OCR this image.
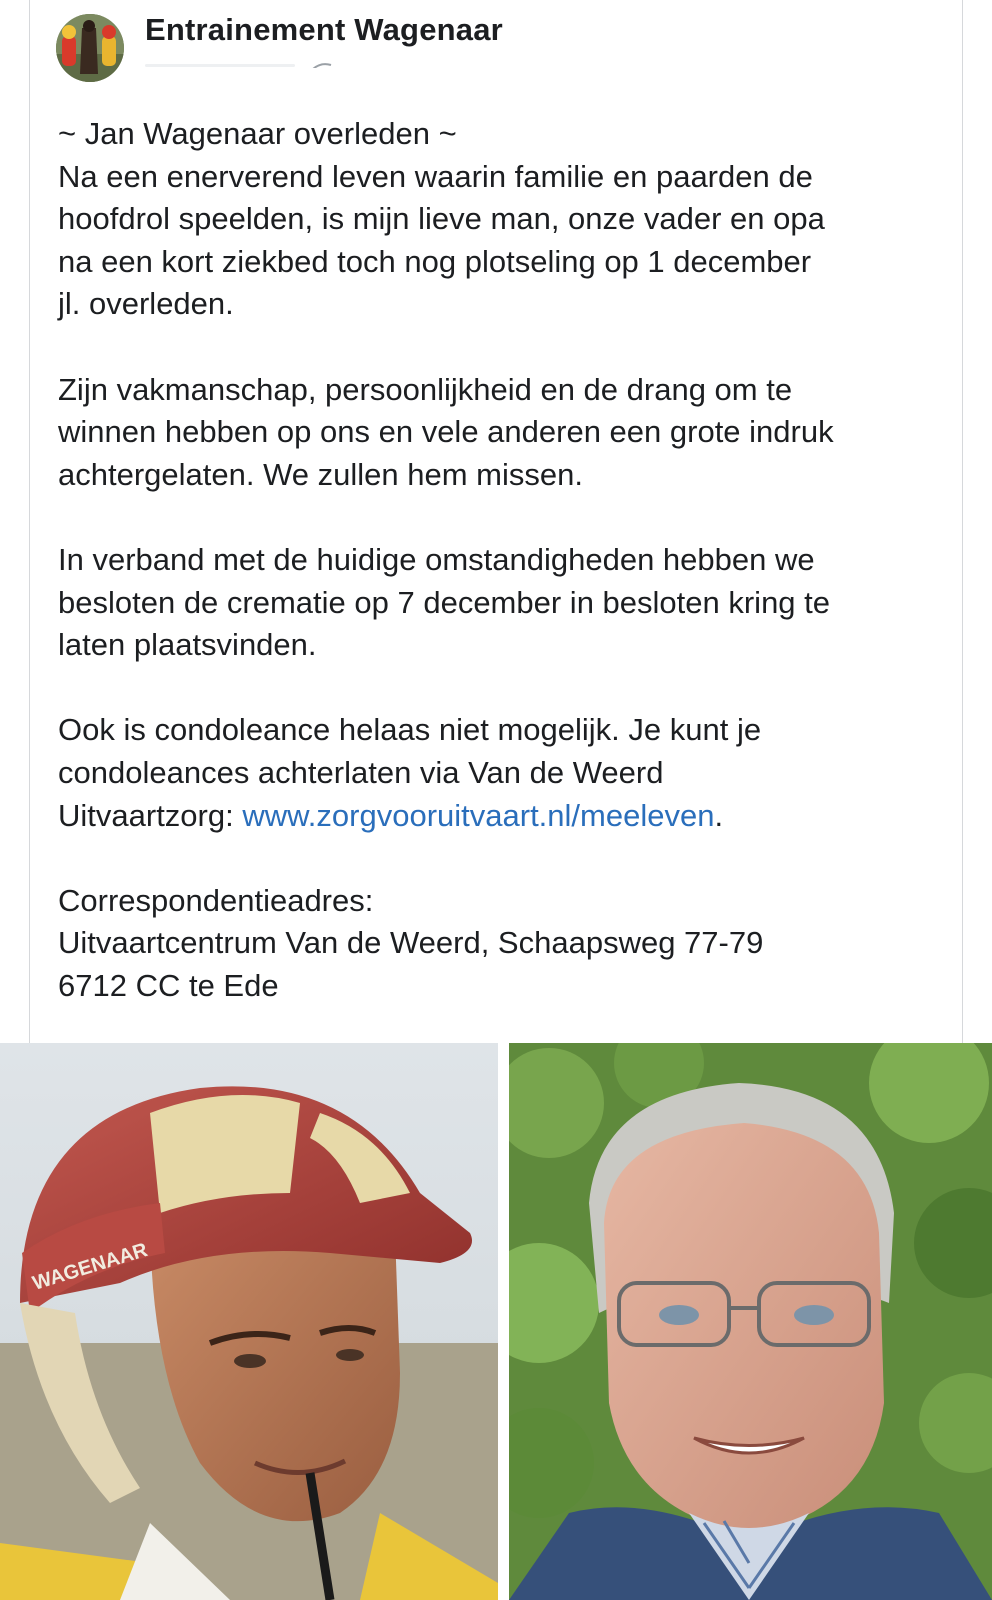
Entrainement Wagenaar

~ Jan Wagenaar overleden ~
Na een enerverend leven waarin familie en paarden de
hoofdrol speelden, is mijn lieve man, onze vader en opa
na een kort ziekbed toch nog plotseling op 1 december
jl. overleden.

Zijn vakmanschap, persoonlijkheid en de drang om te
winnen hebben op ons en vele anderen een grote indruk
achtergelaten. We zullen hem missen.

In verband met de huidige omstandigheden hebben we
besloten de crematie op 7 december in besloten kring te
laten plaatsvinden.

Ook is condoleance helaas niet mogelijk. Je kunt je
condoleances achterlaten via Van de Weerd
Uitvaartzorg: www.zorgvooruitvaart.nl/meeleven.

Correspondentieadres:
Uitvaartcentrum Van de Weerd, Schaapsweg 77-79
6712 CC te Ede

WAGENAAR
